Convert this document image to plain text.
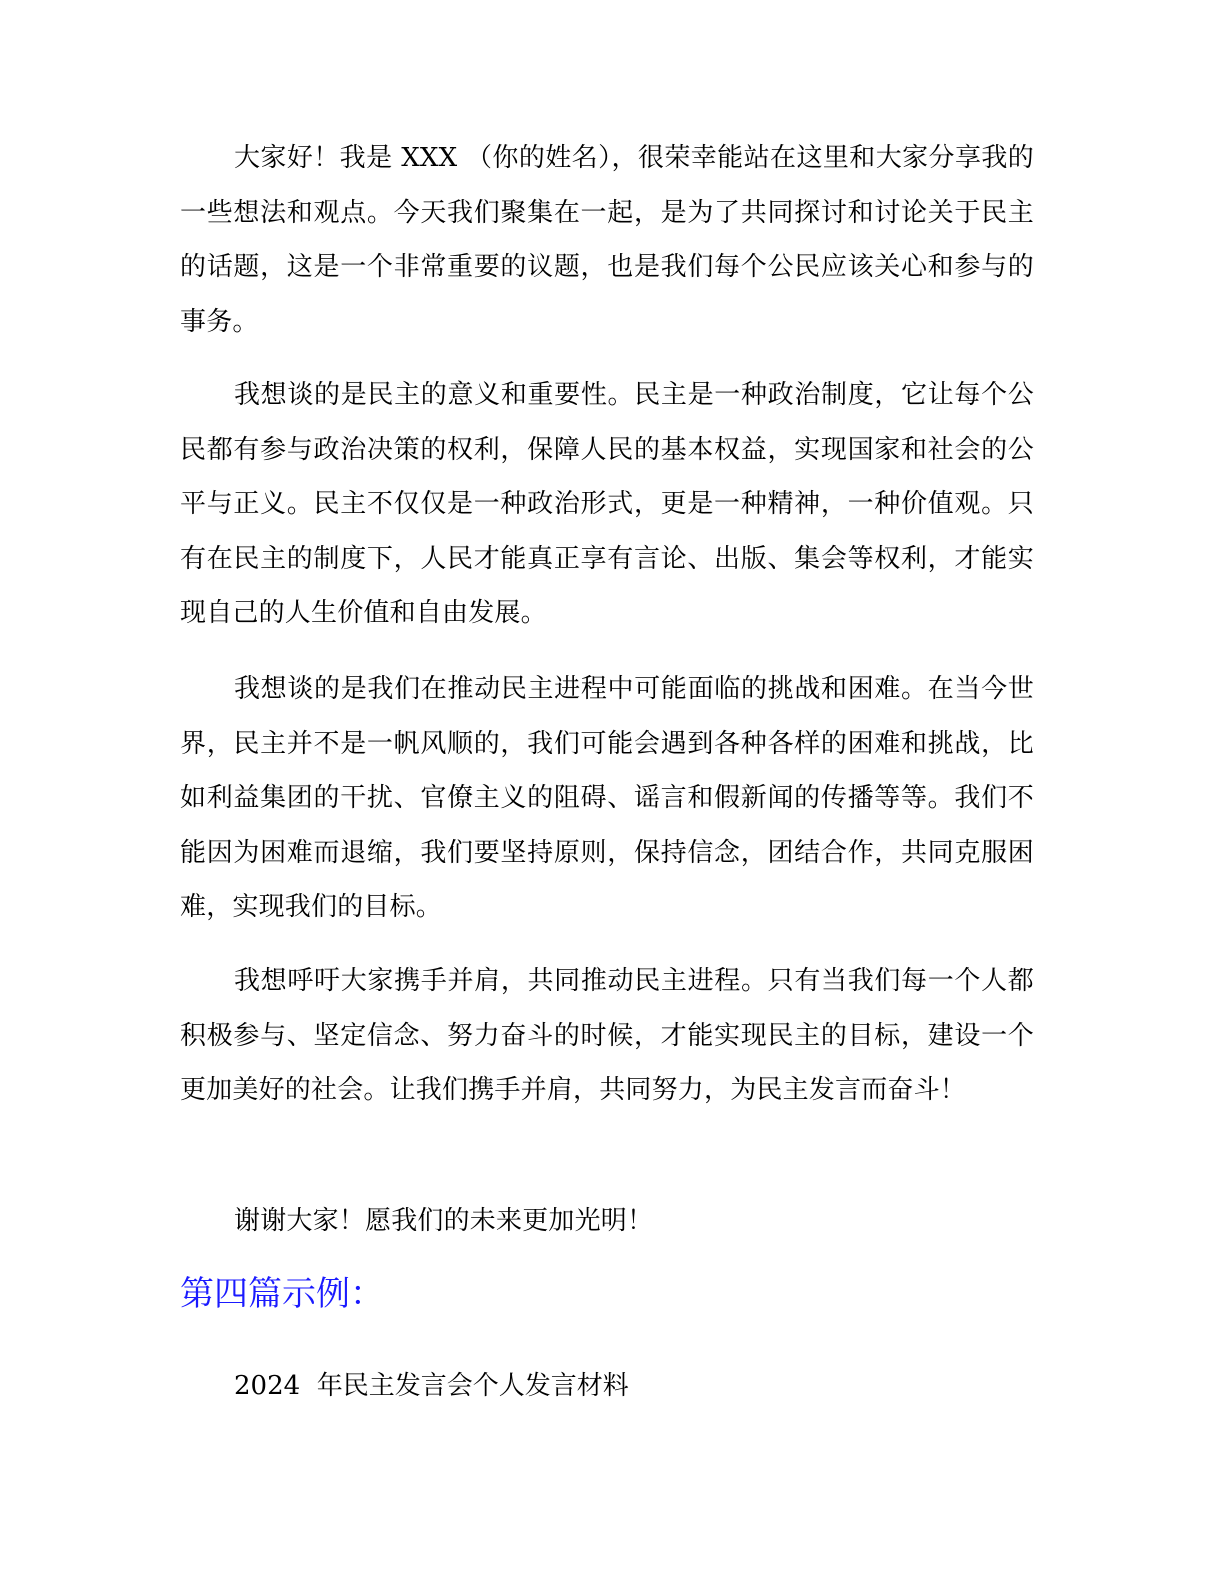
大家好！我是 XXX （你的姓名），很荣幸能站在这里和大家分享我的一些想法和观点。今天我们聚集在一起，是为了共同探讨和讨论关于民主的话题，这是一个非常重要的议题，也是我们每个公民应该关心和参与的事务。

我想谈的是民主的意义和重要性。民主是一种政治制度，它让每个公民都有参与政治决策的权利，保障人民的基本权益，实现国家和社会的公平与正义。民主不仅仅是一种政治形式，更是一种精神，一种价值观。只有在民主的制度下，人民才能真正享有言论、出版、集会等权利，才能实现自己的人生价值和自由发展。

我想谈的是我们在推动民主进程中可能面临的挑战和困难。在当今世界，民主并不是一帆风顺的，我们可能会遇到各种各样的困难和挑战，比如利益集团的干扰、官僚主义的阻碍、谣言和假新闻的传播等等。我们不能因为困难而退缩，我们要坚持原则，保持信念，团结合作，共同克服困难，实现我们的目标。

我想呼吁大家携手并肩，共同推动民主进程。只有当我们每一个人都积极参与、坚定信念、努力奋斗的时候，才能实现民主的目标，建设一个更加美好的社会。让我们携手并肩，共同努力，为民主发言而奋斗！

谢谢大家！愿我们的未来更加光明！

第四篇示例：

2024  年民主发言会个人发言材料
